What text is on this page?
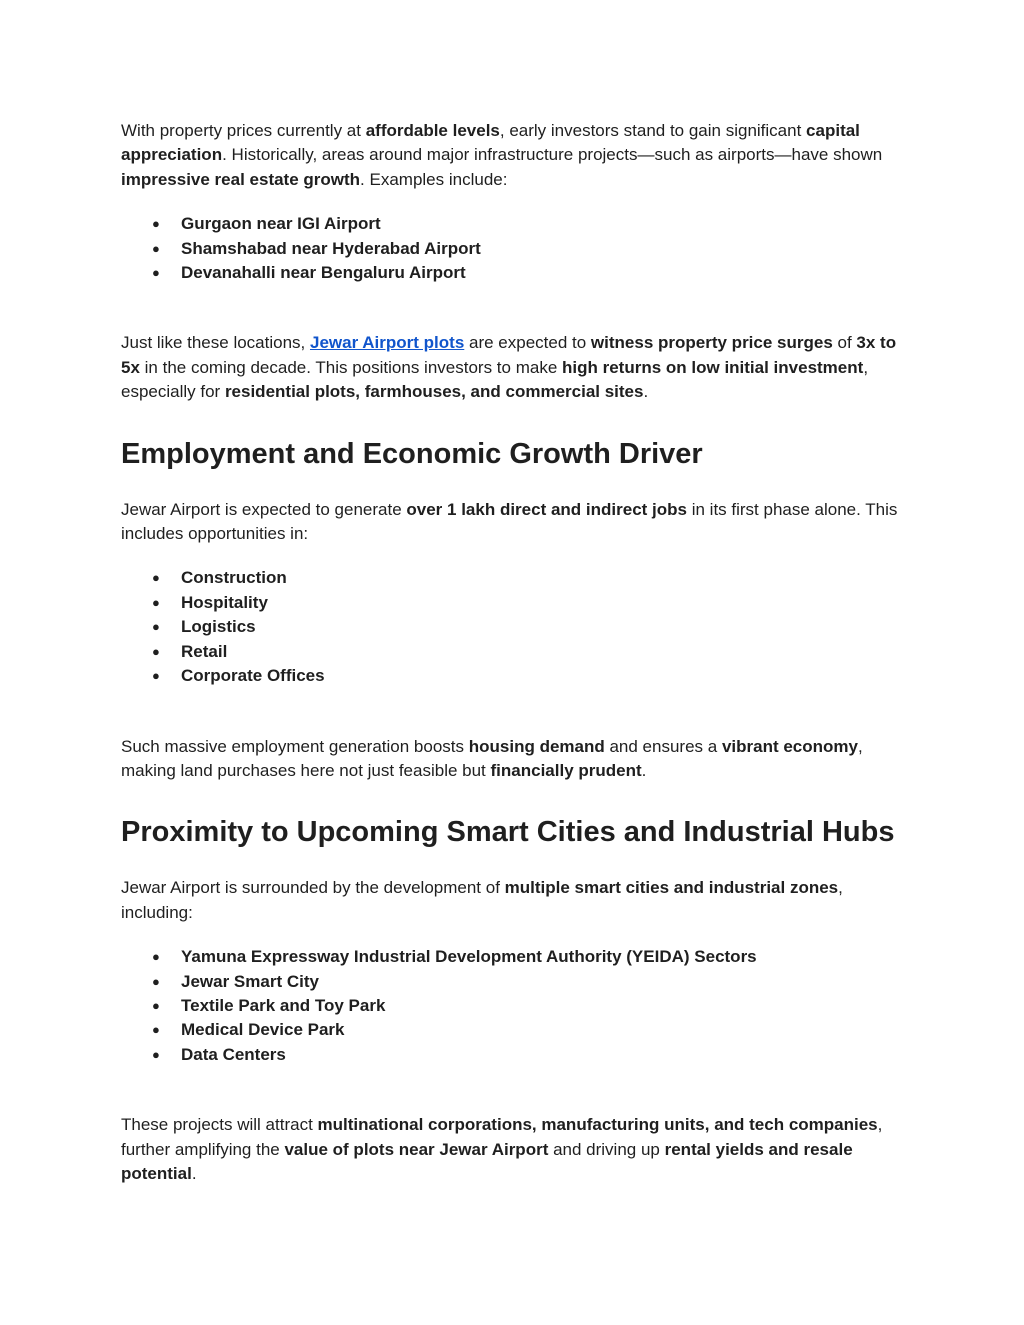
With property prices currently at affordable levels, early investors stand to gain significant capital appreciation. Historically, areas around major infrastructure projects—such as airports—have shown impressive real estate growth. Examples include:

● Gurgaon near IGI Airport
● Shamshabad near Hyderabad Airport
● Devanahalli near Bengaluru Airport

Just like these locations, Jewar Airport plots are expected to witness property price surges of 3x to 5x in the coming decade. This positions investors to make high returns on low initial investment, especially for residential plots, farmhouses, and commercial sites.

Employment and Economic Growth Driver

Jewar Airport is expected to generate over 1 lakh direct and indirect jobs in its first phase alone. This includes opportunities in:

● Construction
● Hospitality
● Logistics
● Retail
● Corporate Offices

Such massive employment generation boosts housing demand and ensures a vibrant economy, making land purchases here not just feasible but financially prudent.

Proximity to Upcoming Smart Cities and Industrial Hubs

Jewar Airport is surrounded by the development of multiple smart cities and industrial zones, including:

● Yamuna Expressway Industrial Development Authority (YEIDA) Sectors
● Jewar Smart City
● Textile Park and Toy Park
● Medical Device Park
● Data Centers

These projects will attract multinational corporations, manufacturing units, and tech companies, further amplifying the value of plots near Jewar Airport and driving up rental yields and resale potential.
